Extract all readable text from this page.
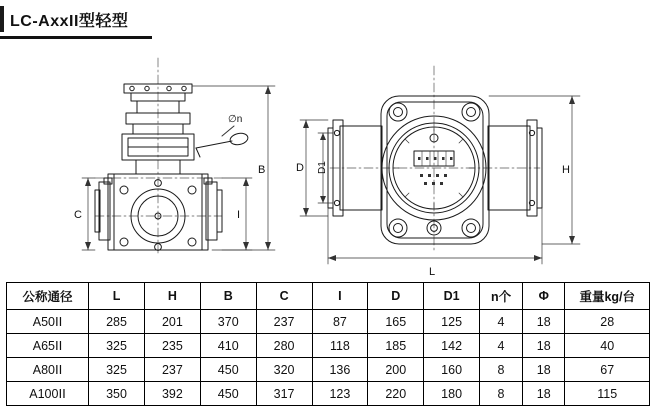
LC-AxxII型轻型
∅n
B
C	I
D D1	H
L
公称通径	L	H	B	C	I	D	D1	n个	Φ	重量kg/台
A50ⅠⅠ	285	201	370	237	87	165	125	4	18	28
A65ⅠⅠ	325	235	410	280	118	185	142	4	18	40
A80ⅠⅠ	325	237	450	320	136	200	160	8	18	67
A100ⅠⅠ	350	392	450	317	123	220	180	8	18	115
